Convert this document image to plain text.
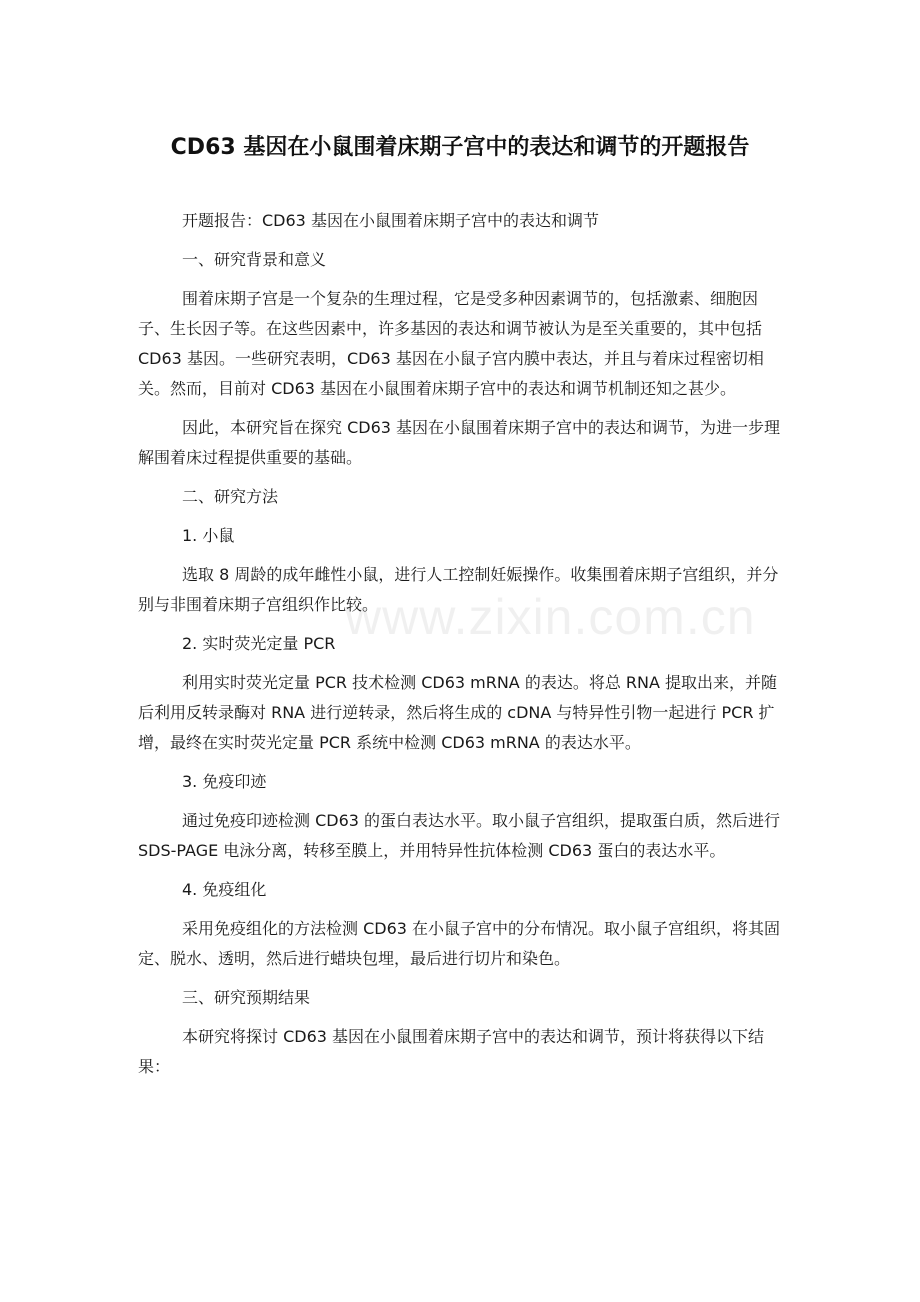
www.zixin.com.cn
CD63 基因在小鼠围着床期子宫中的表达和调节的开题报告

开题报告：CD63 基因在小鼠围着床期子宫中的表达和调节

一、研究背景和意义

围着床期子宫是一个复杂的生理过程，它是受多种因素调节的，包括激素、细胞因子、生长因子等。在这些因素中，许多基因的表达和调节被认为是至关重要的，其中包括 CD63 基因。一些研究表明，CD63 基因在小鼠子宫内膜中表达，并且与着床过程密切相关。然而，目前对 CD63 基因在小鼠围着床期子宫中的表达和调节机制还知之甚少。

因此，本研究旨在探究 CD63 基因在小鼠围着床期子宫中的表达和调节，为进一步理解围着床过程提供重要的基础。

二、研究方法

1. 小鼠

选取 8 周龄的成年雌性小鼠，进行人工控制妊娠操作。收集围着床期子宫组织，并分别与非围着床期子宫组织作比较。

2. 实时荧光定量 PCR

利用实时荧光定量 PCR 技术检测 CD63 mRNA 的表达。将总 RNA 提取出来，并随后利用反转录酶对 RNA 进行逆转录，然后将生成的 cDNA 与特异性引物一起进行 PCR 扩增，最终在实时荧光定量 PCR 系统中检测 CD63 mRNA 的表达水平。

3. 免疫印迹

通过免疫印迹检测 CD63 的蛋白表达水平。取小鼠子宫组织，提取蛋白质，然后进行 SDS-PAGE 电泳分离，转移至膜上，并用特异性抗体检测 CD63 蛋白的表达水平。

4. 免疫组化

采用免疫组化的方法检测 CD63 在小鼠子宫中的分布情况。取小鼠子宫组织，将其固定、脱水、透明，然后进行蜡块包埋，最后进行切片和染色。

三、研究预期结果

本研究将探讨 CD63 基因在小鼠围着床期子宫中的表达和调节，预计将获得以下结果：
